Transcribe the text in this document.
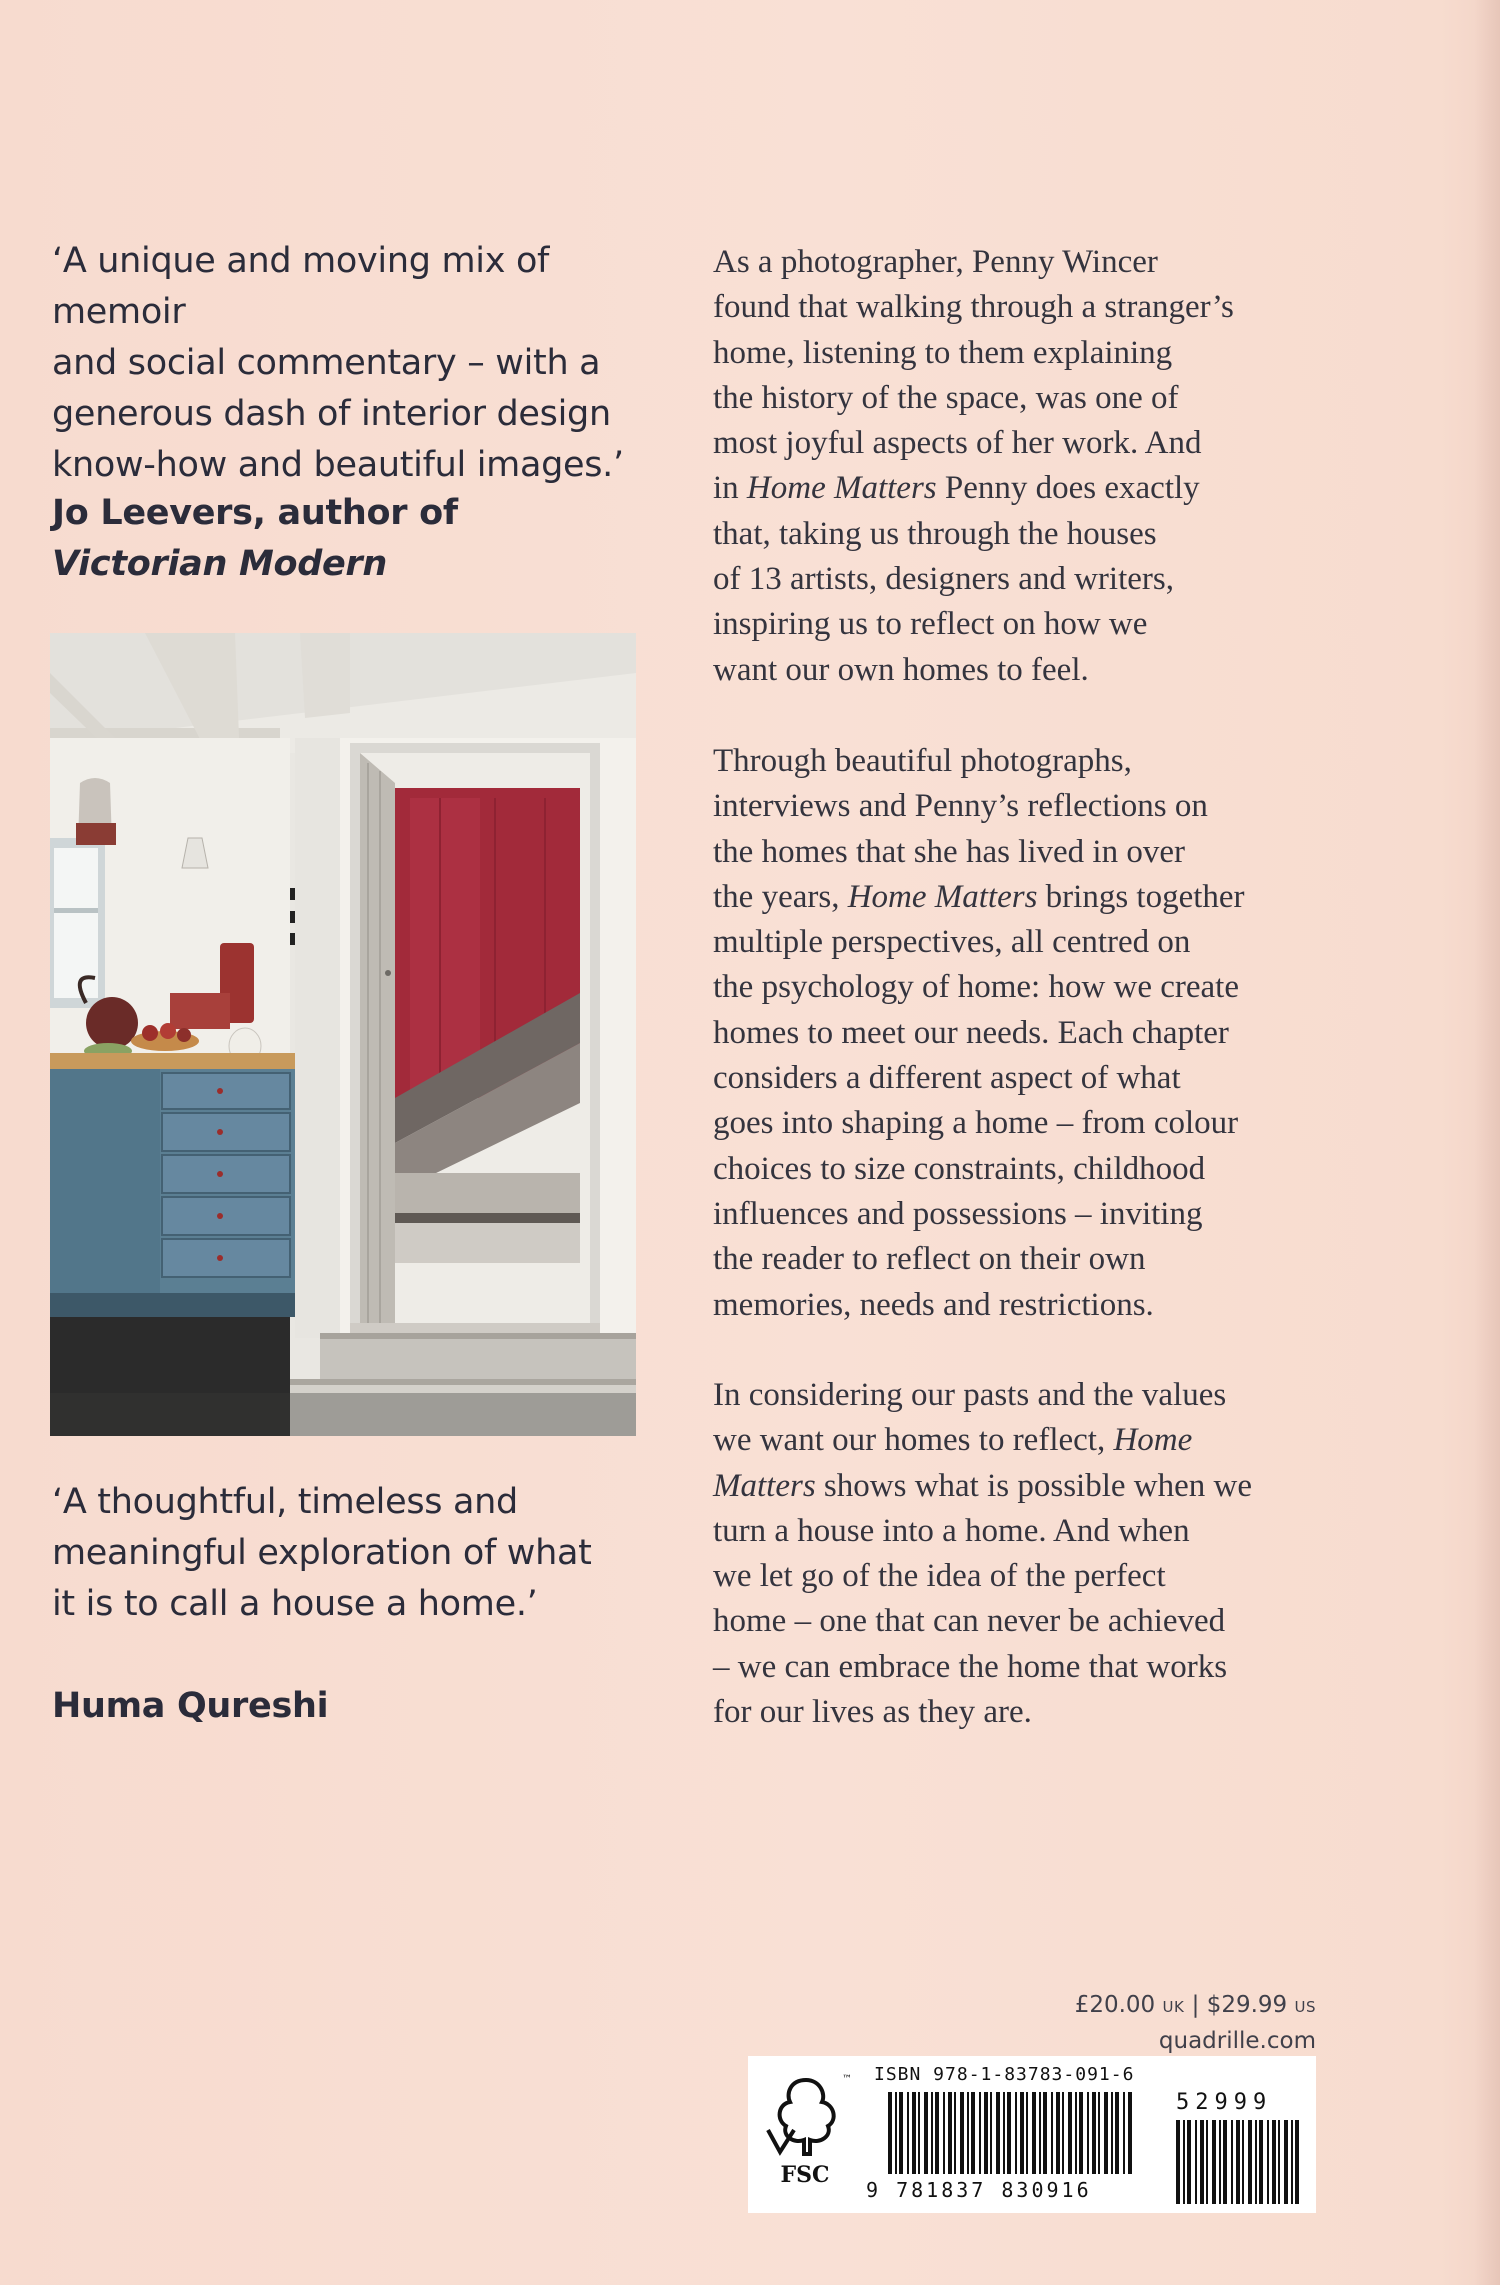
‘A unique and moving mix of memoir
and social commentary – with a
generous dash of interior design
know-how and beautiful images.’
Jo Leevers, author of
Victorian Modern
‘A thoughtful, timeless and
meaningful exploration of what
it is to call a house a home.’
Huma Qureshi

As a photographer, Penny Wincer

found that walking through a stranger’s

home, listening to them explaining

the history of the space, was one of

most joyful aspects of her work. And

in Home Matters Penny does exactly

that, taking us through the houses

of 13 artists, designers and writers,

inspiring us to reflect on how we

want our own homes to feel.

Through beautiful photographs,

interviews and Penny’s reflections on

the homes that she has lived in over

the years, Home Matters brings together

multiple perspectives, all centred on

the psychology of home: how we create

homes to meet our needs. Each chapter

considers a different aspect of what

goes into shaping a home – from colour

choices to size constraints, childhood

influences and possessions – inviting

the reader to reflect on their own

memories, needs and restrictions.

In considering our pasts and the values

we want our homes to reflect, Home

Matters shows what is possible when we

turn a house into a home. And when

we let go of the idea of the perfect

home – one that can never be achieved

– we can embrace the home that works

for our lives as they are.

£20.00 UK | $29.99 US
quadrille.com
FSC
™ ISBN 978-1-83783-091-6
9 781837 830916
52999
